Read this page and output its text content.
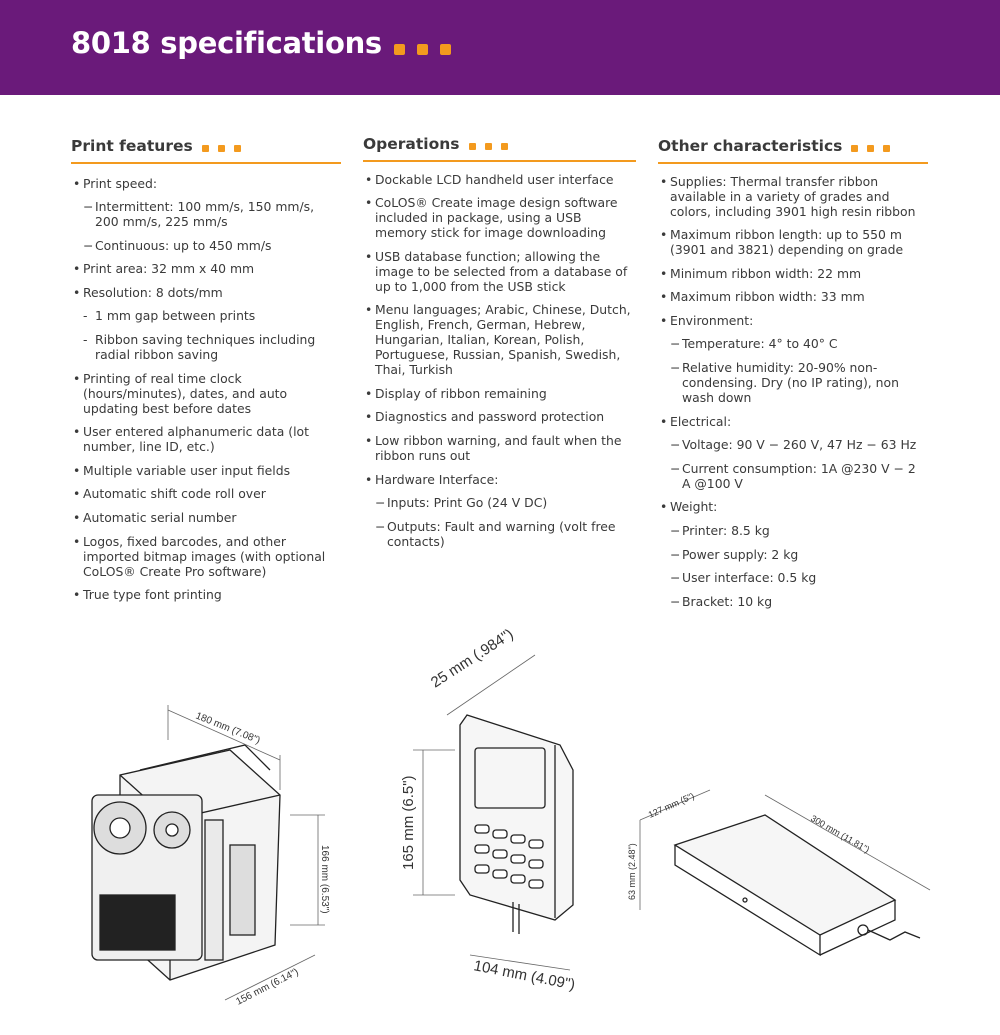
8018 specifications
Print features
• Print speed:
− Intermittent: 100 mm/s, 150 mm/s, 200 mm/s, 225 mm/s
− Continuous: up to 450 mm/s
• Print area: 32 mm x 40 mm
• Resolution: 8 dots/mm
- 1 mm gap between prints
- Ribbon saving techniques including radial ribbon saving
• Printing of real time clock (hours/minutes), dates, and auto updating best before dates
• User entered alphanumeric data (lot number, line ID, etc.)
• Multiple variable user input fields
• Automatic shift code roll over
• Automatic serial number
• Logos, fixed barcodes, and other imported bitmap images (with optional CoLOS® Create Pro software)
• True type font printing
Operations
• Dockable LCD handheld user interface
• CoLOS® Create image design software included in package, using a USB memory stick for image downloading
• USB database function; allowing the image to be selected from a database of up to 1,000 from the USB stick
• Menu languages; Arabic, Chinese, Dutch, English, French, German, Hebrew, Hungarian, Italian, Korean, Polish, Portuguese, Russian, Spanish, Swedish, Thai, Turkish
• Display of ribbon remaining
• Diagnostics and password protection
• Low ribbon warning, and fault when the ribbon runs out
• Hardware Interface:
− Inputs: Print Go (24 V DC)
− Outputs: Fault and warning (volt free contacts)
Other characteristics
• Supplies: Thermal transfer ribbon available in a variety of grades and colors, including 3901 high resin ribbon
• Maximum ribbon length: up to 550 m (3901 and 3821) depending on grade
• Minimum ribbon width: 22 mm
• Maximum ribbon width: 33 mm
• Environment:
− Temperature: 4° to 40° C
− Relative humidity: 20-90% non-condensing. Dry (no IP rating), non wash down
• Electrical:
− Voltage: 90 V − 260 V, 47 Hz − 63 Hz
− Current consumption: 1A @230 V − 2 A @100 V
• Weight:
− Printer: 8.5 kg
− Power supply: 2 kg
− User interface: 0.5 kg
− Bracket: 10 kg
180 mm (7.08")
166 mm (6.53")
156 mm (6.14")
25 mm (.984")
165 mm (6.5")
104 mm (4.09")
127 mm (5")
300 mm (11.81")
63 mm (2.48")
